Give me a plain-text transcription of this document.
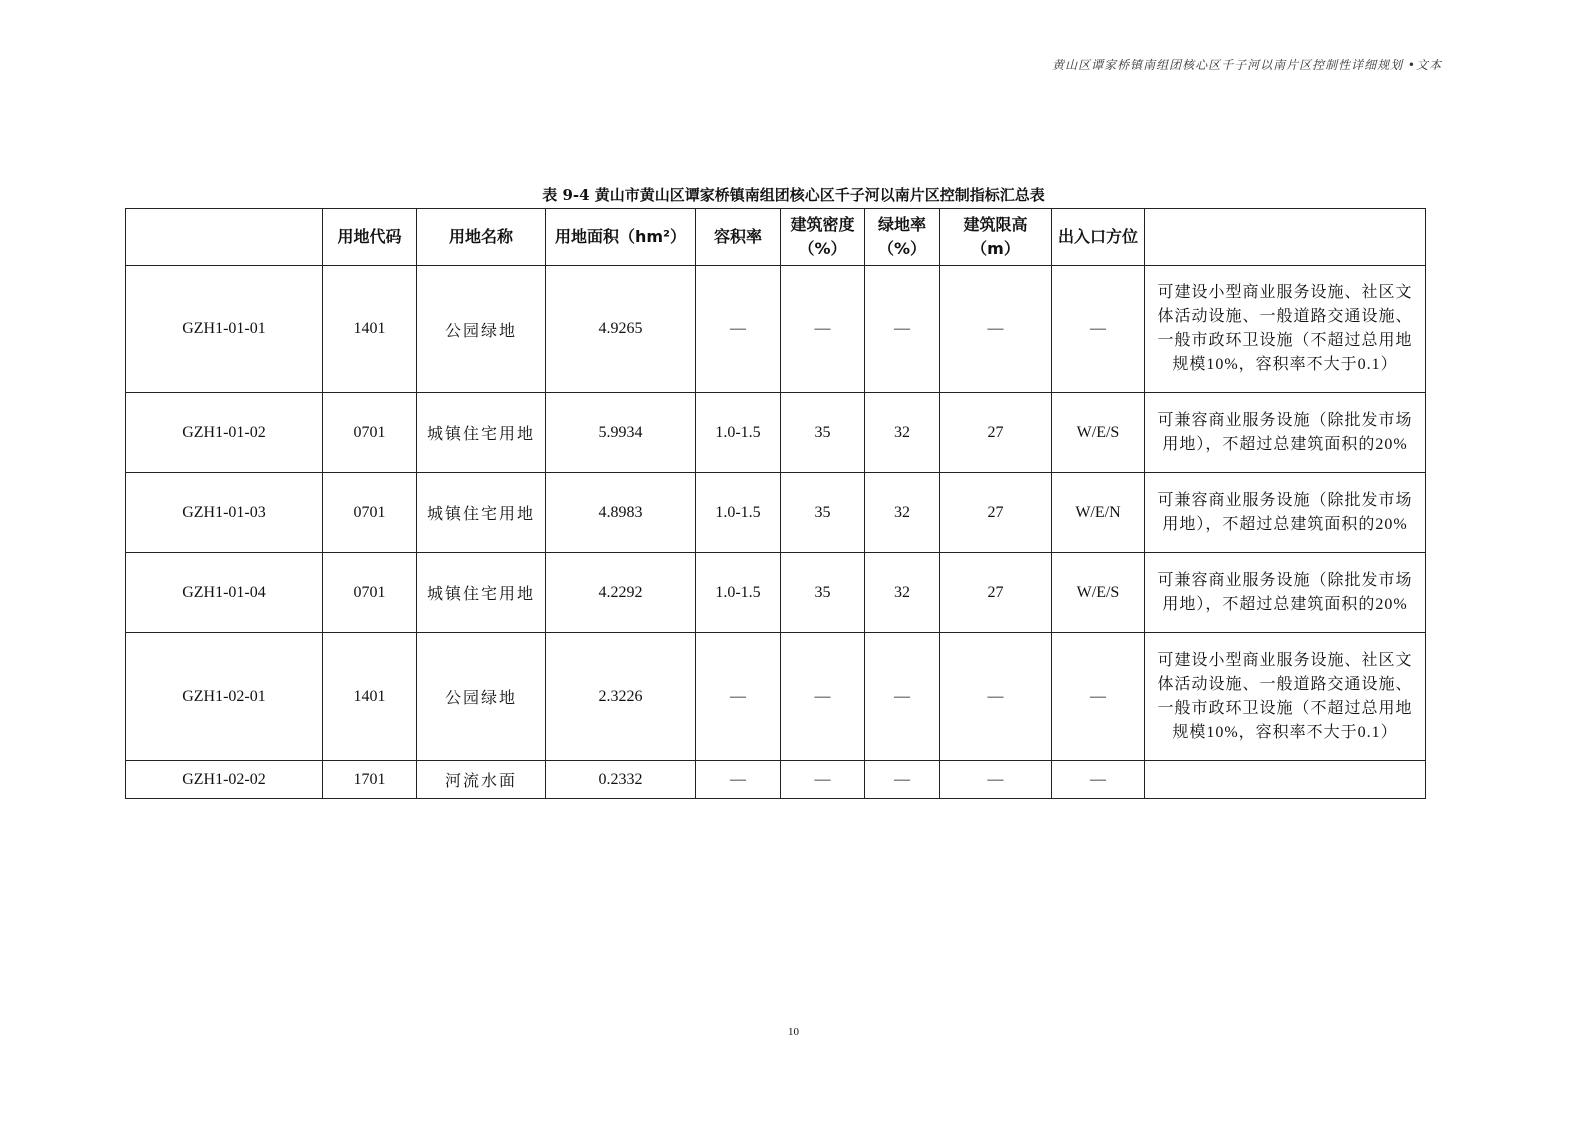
黄山区谭家桥镇南组团核心区千子河以南片区控制性详细规划 •文本
表 9-4 黄山市黄山区谭家桥镇南组团核心区千子河以南片区控制指标汇总表
	用地代码	用地名称	用地面积（hm²）	容积率	建筑密度（%）	绿地率（%）	建筑限高（m）	出入口方位	
GZH1-01-01	1401	公园绿地	4.9265	—	—	—	—	—	可建设小型商业服务设施、社区文体活动设施、一般道路交通设施、一般市政环卫设施（不超过总用地规模10%，容积率不大于0.1）
GZH1-01-02	0701	城镇住宅用地	5.9934	1.0-1.5	35	32	27	W/E/S	可兼容商业服务设施（除批发市场用地），不超过总建筑面积的20%
GZH1-01-03	0701	城镇住宅用地	4.8983	1.0-1.5	35	32	27	W/E/N	可兼容商业服务设施（除批发市场用地），不超过总建筑面积的20%
GZH1-01-04	0701	城镇住宅用地	4.2292	1.0-1.5	35	32	27	W/E/S	可兼容商业服务设施（除批发市场用地），不超过总建筑面积的20%
GZH1-02-01	1401	公园绿地	2.3226	—	—	—	—	—	可建设小型商业服务设施、社区文体活动设施、一般道路交通设施、一般市政环卫设施（不超过总用地规模10%，容积率不大于0.1）
GZH1-02-02	1701	河流水面	0.2332	—	—	—	—	—	
10
